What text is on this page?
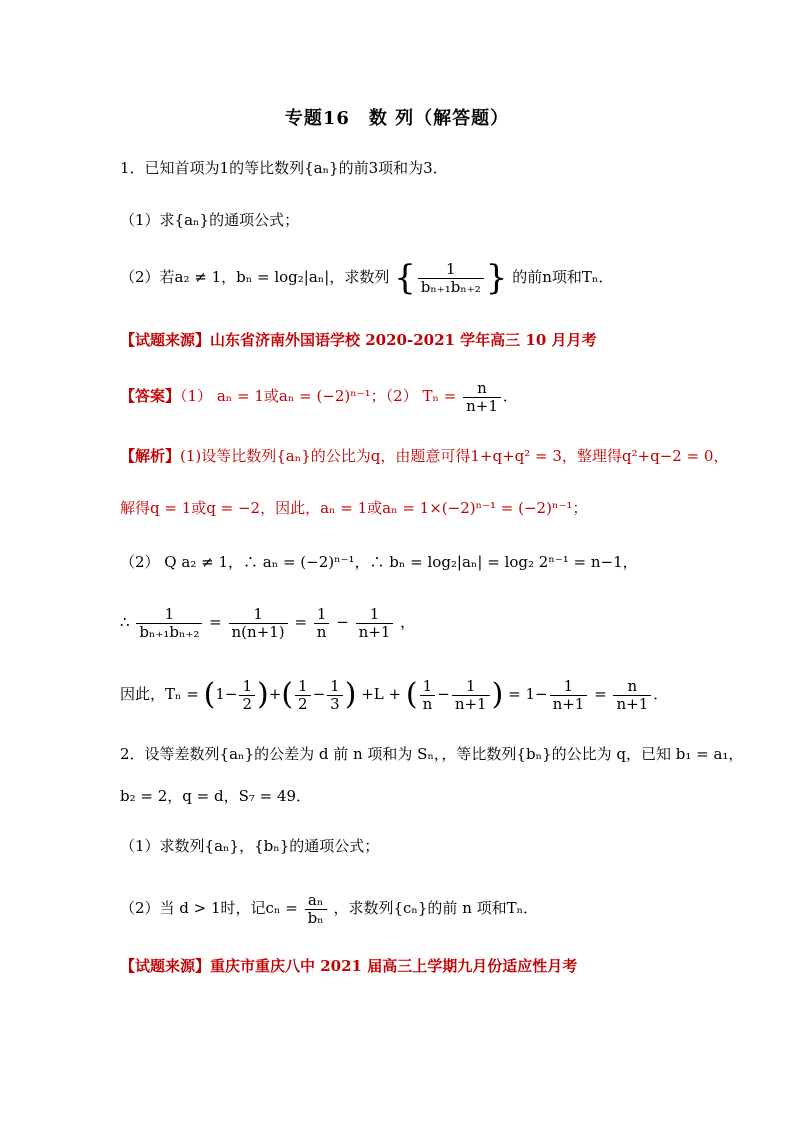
专题16　数 列（解答题）
1．已知首项为1的等比数列{aₙ}的前3项和为3．
（1）求{aₙ}的通项公式；
（2）若a₂ ≠ 1，bₙ = log₂|aₙ|，求数列 { $\frac{1}{\text{bₙ₊₁bₙ₊₂}}$ } 的前n项和Tₙ．
【试题来源】山东省济南外国语学校 2020-2021 学年高三 10 月月考
【答案】（1） aₙ = 1或aₙ = (−2)ⁿ⁻¹；（2） $T_n = \frac{n}{n+1}$ ．
【解析】(1)设等比数列{aₙ}的公比为q，由题意可得1+q+q² = 3，整理得q²+q−2 = 0，
解得q = 1或q = −2，因此，aₙ = 1或aₙ = 1×(−2)ⁿ⁻¹ = (−2)ⁿ⁻¹；
（2） Q a₂ ≠ 1，∴ aₙ = (−2)ⁿ⁻¹，∴ bₙ = log₂|aₙ| = log₂ 2ⁿ⁻¹ = n−1，
∴ $\frac{1}{\text{bₙ₊₁bₙ₊₂}} = \frac{1}{n(n+1)} = \frac{1}{n} - \frac{1}{n+1}$ ，
因此，$T_n = (1- \frac{1}{2}$ )+( $\frac{1}{2} - \frac{1}{3}$ ) +L + ( $\frac{1}{n} - \frac{1}{n+1}$ ) = $1- \frac{1}{n+1} = \frac{n}{n+1}$ ．
2．设等差数列{aₙ}的公差为 d 前 n 项和为 Sₙ，，等比数列{bₙ}的公比为 q，已知 b₁ = a₁，
b₂ = 2，q = d，S₇ = 49．
（1）求数列{aₙ}，{bₙ}的通项公式；
（2）当 d > 1时，记$c_n = \frac{\text{aₙ}}{\text{bₙ}}$ ，求数列{cₙ}的前 n 项和Tₙ．
【试题来源】重庆市重庆八中 2021 届高三上学期九月份适应性月考
